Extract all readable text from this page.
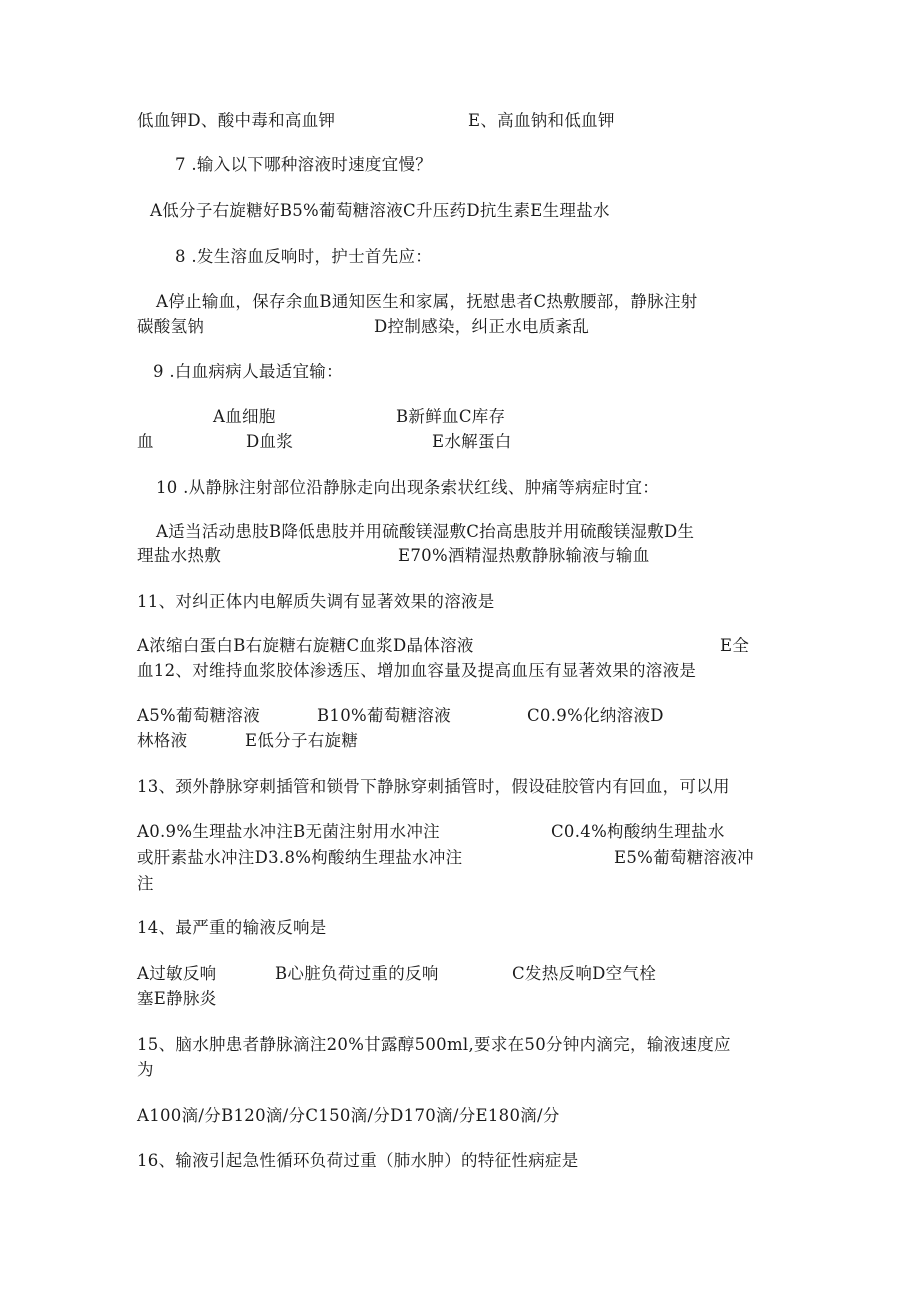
低血钾D、酸中毒和高血钾	E、高血钠和低血钾
7 .输入以下哪种溶液时速度宜慢？
A低分子右旋糖好B5%葡萄糖溶液C升压药D抗生素E生理盐水
8 .发生溶血反响时，护士首先应：
A停止输血，保存余血B通知医生和家属，抚慰患者C热敷腰部，静脉注射
碳酸氢钠	D控制感染，纠正水电质紊乱
9 .白血病病人最适宜输：
A血细胞	B新鲜血C库存
血	D血浆	E水解蛋白
10 .从静脉注射部位沿静脉走向出现条索状红线、肿痛等病症时宜：
A适当活动患肢B降低患肢并用硫酸镁湿敷C抬高患肢并用硫酸镁湿敷D生
理盐水热敷	E70%酒精湿热敷静脉输液与输血
11、对纠正体内电解质失调有显著效果的溶液是
A浓缩白蛋白B右旋糖右旋糖C血浆D晶体溶液	E全
血12、对维持血浆胶体渗透压、增加血容量及提高血压有显著效果的溶液是
A5%葡萄糖溶液	B10%葡萄糖溶液	C0.9%化纳溶液D
林格液	E低分子右旋糖
13、颈外静脉穿刺插管和锁骨下静脉穿刺插管时，假设硅胶管内有回血，可以用
A0.9%生理盐水冲注B无菌注射用水冲注	C0.4%枸酸纳生理盐水
或肝素盐水冲注D3.8%枸酸纳生理盐水冲注	E5%葡萄糖溶液冲
注
14、最严重的输液反响是
A过敏反响	B心脏负荷过重的反响	C发热反响D空气栓
塞E静脉炎
15、脑水肿患者静脉滴注20%甘露醇500ml,要求在50分钟内滴完，输液速度应
为
A100滴/分B120滴/分C150滴/分D170滴/分E180滴/分
16、输液引起急性循环负荷过重（肺水肿）的特征性病症是
